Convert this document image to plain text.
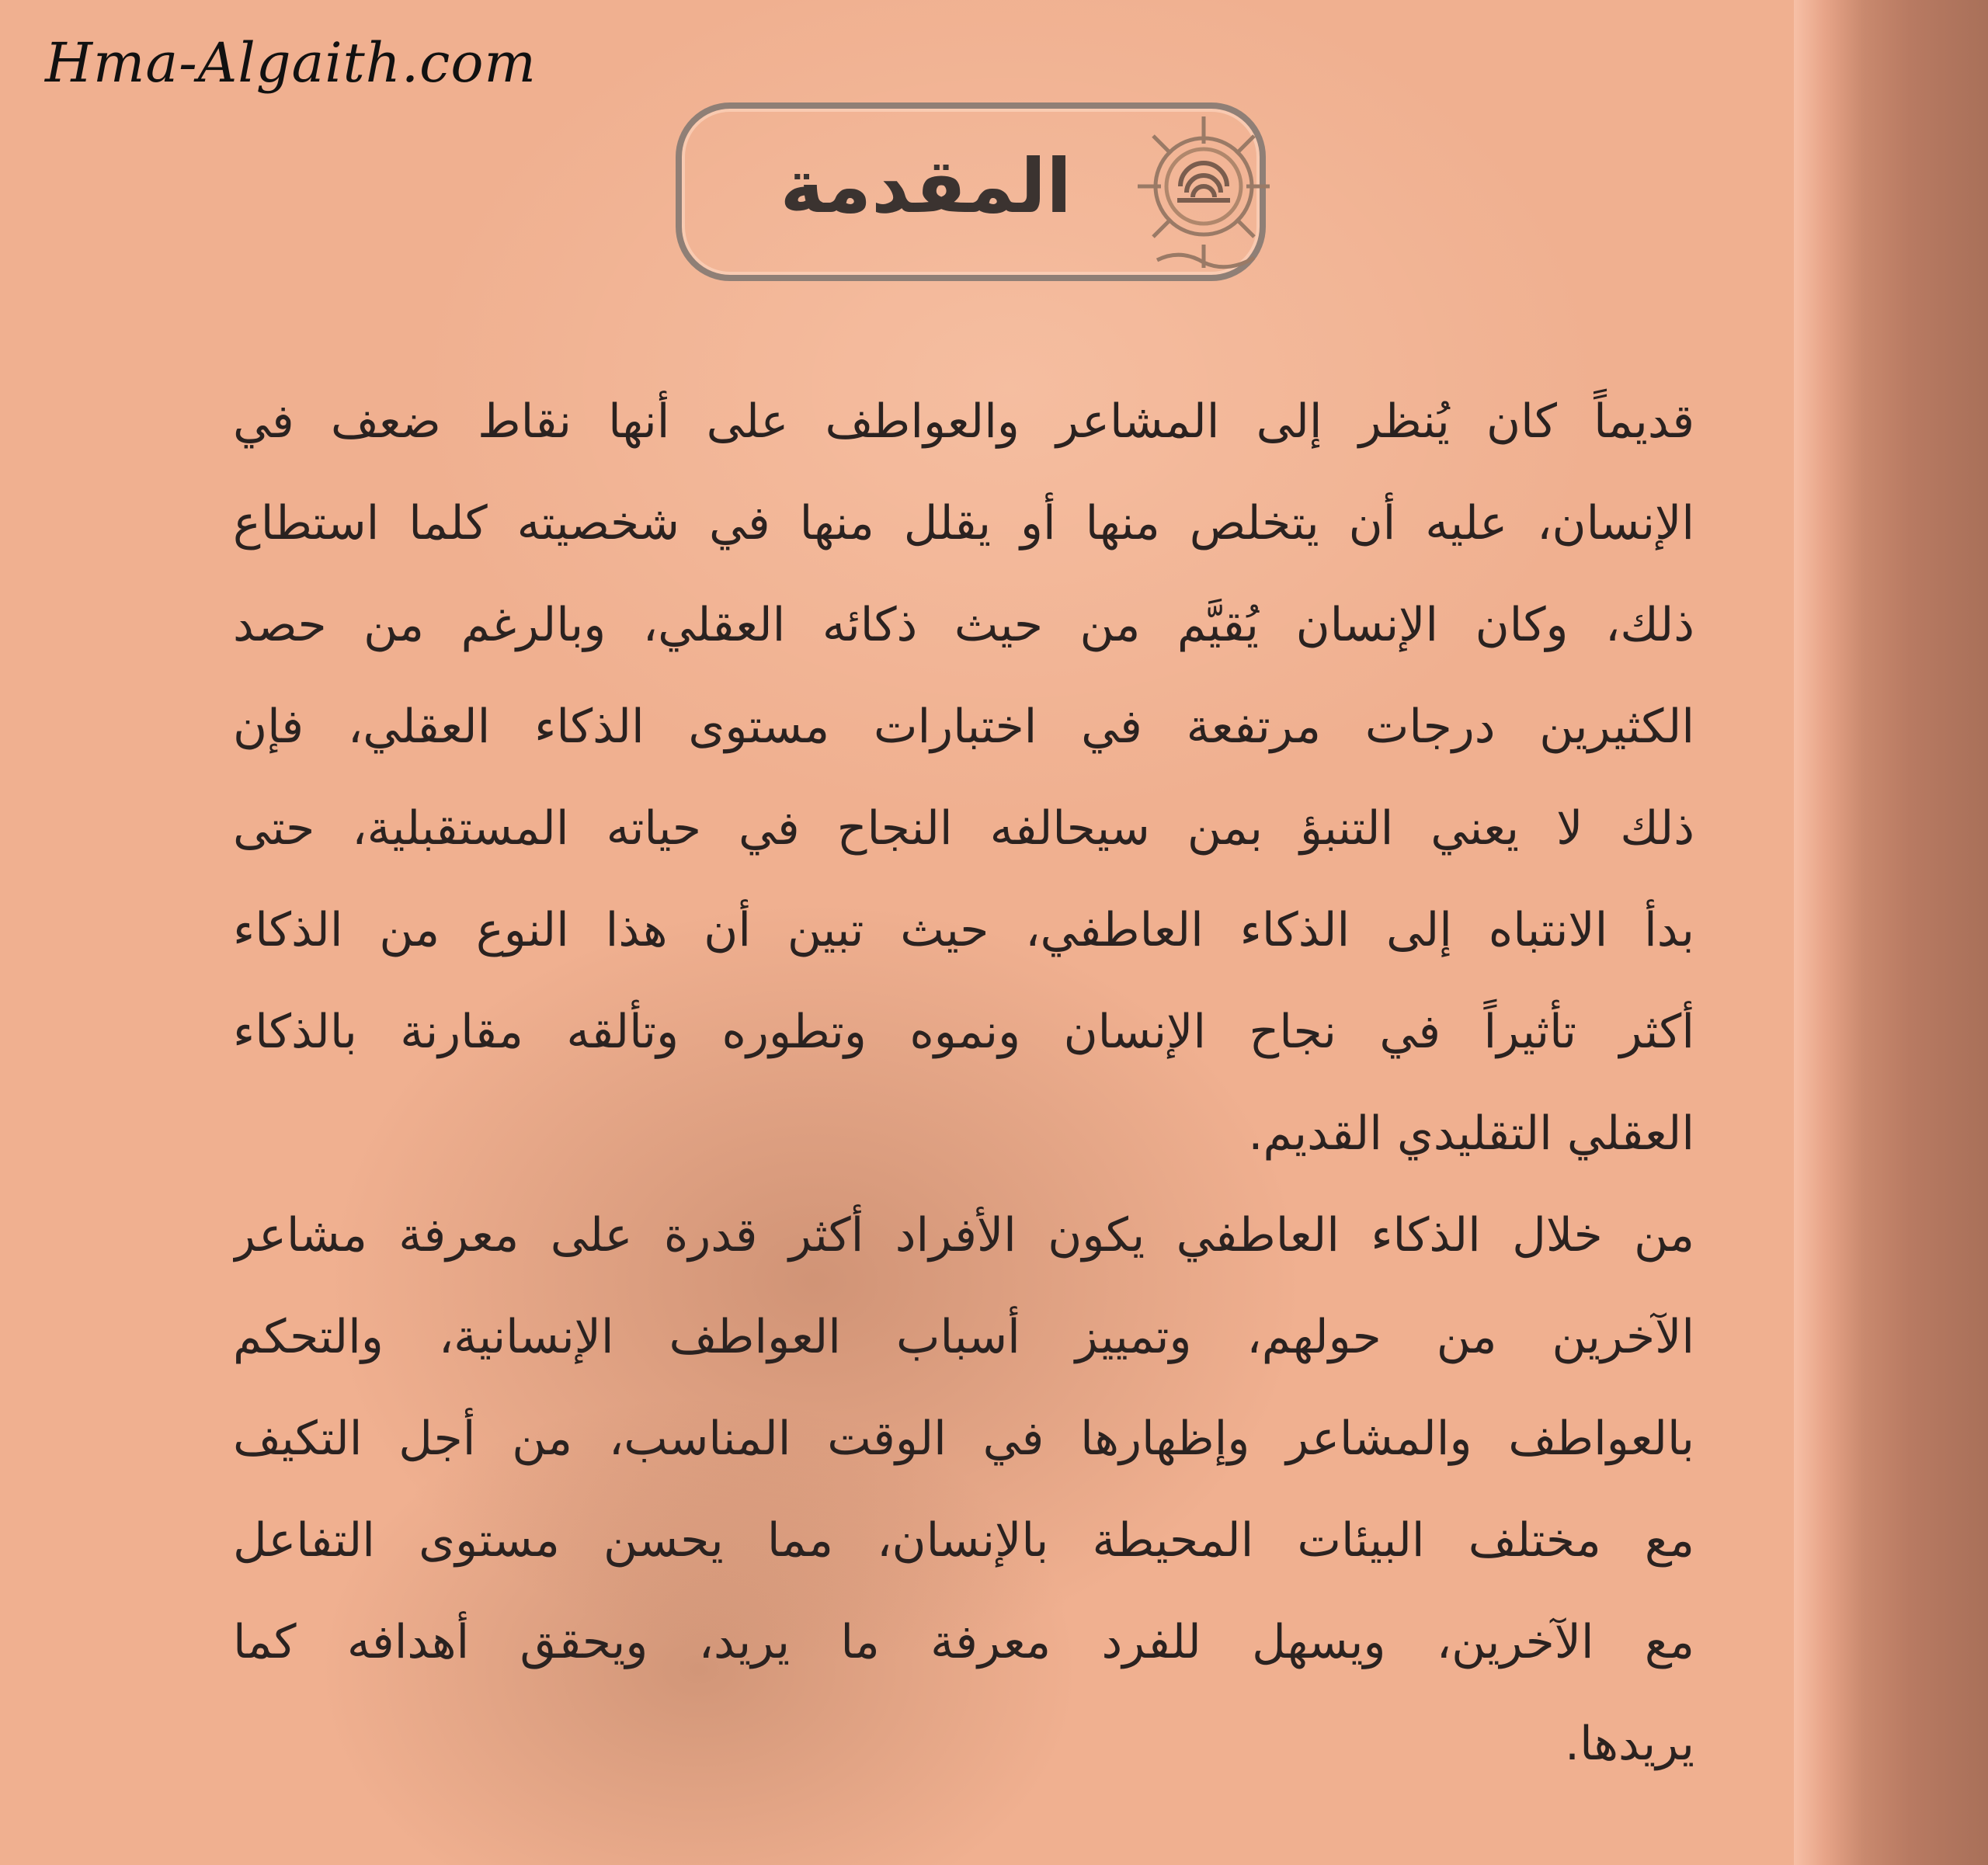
Hma-Algaith.com
المقدمة
قديماً كان يُنظر إلى المشاعر والعواطف على أنها نقاط ضعف في
الإنسان، عليه أن يتخلص منها أو يقلل منها في شخصيته كلما استطاع
ذلك، وكان الإنسان يُقيَّم من حيث ذكائه العقلي، وبالرغم من حصد
الكثيرين درجات مرتفعة في اختبارات مستوى الذكاء العقلي، فإن
ذلك لا يعني التنبؤ بمن سيحالفه النجاح في حياته المستقبلية، حتى
بدأ الانتباه إلى الذكاء العاطفي، حيث تبين أن هذا النوع من الذكاء
أكثر تأثيراً في نجاح الإنسان ونموه وتطوره وتألقه مقارنة بالذكاء
العقلي التقليدي القديم.
من خلال الذكاء العاطفي يكون الأفراد أكثر قدرة على معرفة مشاعر
الآخرين من حولهم، وتمييز أسباب العواطف الإنسانية، والتحكم
بالعواطف والمشاعر وإظهارها في الوقت المناسب، من أجل التكيف
مع مختلف البيئات المحيطة بالإنسان، مما يحسن مستوى التفاعل
مع الآخرين، ويسهل للفرد معرفة ما يريد، ويحقق أهدافه كما
يريدها.
